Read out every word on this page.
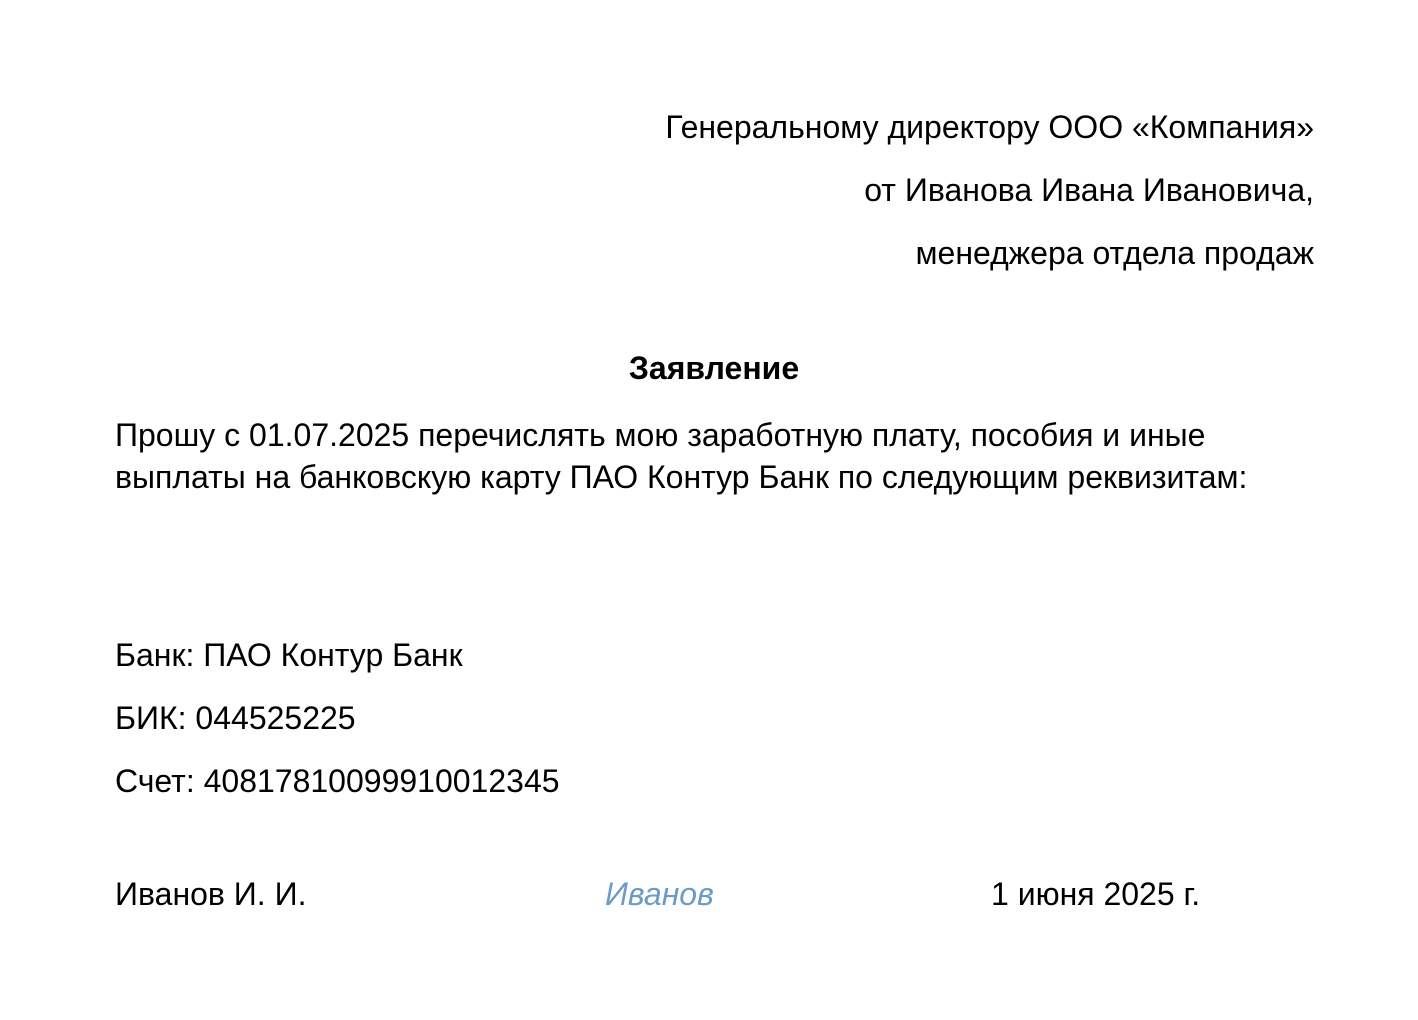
Генеральному директору ООО «Компания»
от Иванова Ивана Ивановича,
менеджера отдела продаж
Заявление
Прошу с 01.07.2025 перечислять мою заработную плату, пособия и иные выплаты на банковскую карту ПАО Контур Банк по следующим реквизитам:
Банк: ПАО Контур Банк
БИК: 044525225
Счет: 40817810099910012345
Иванов И. И.	Иванов	1 июня 2025 г.
